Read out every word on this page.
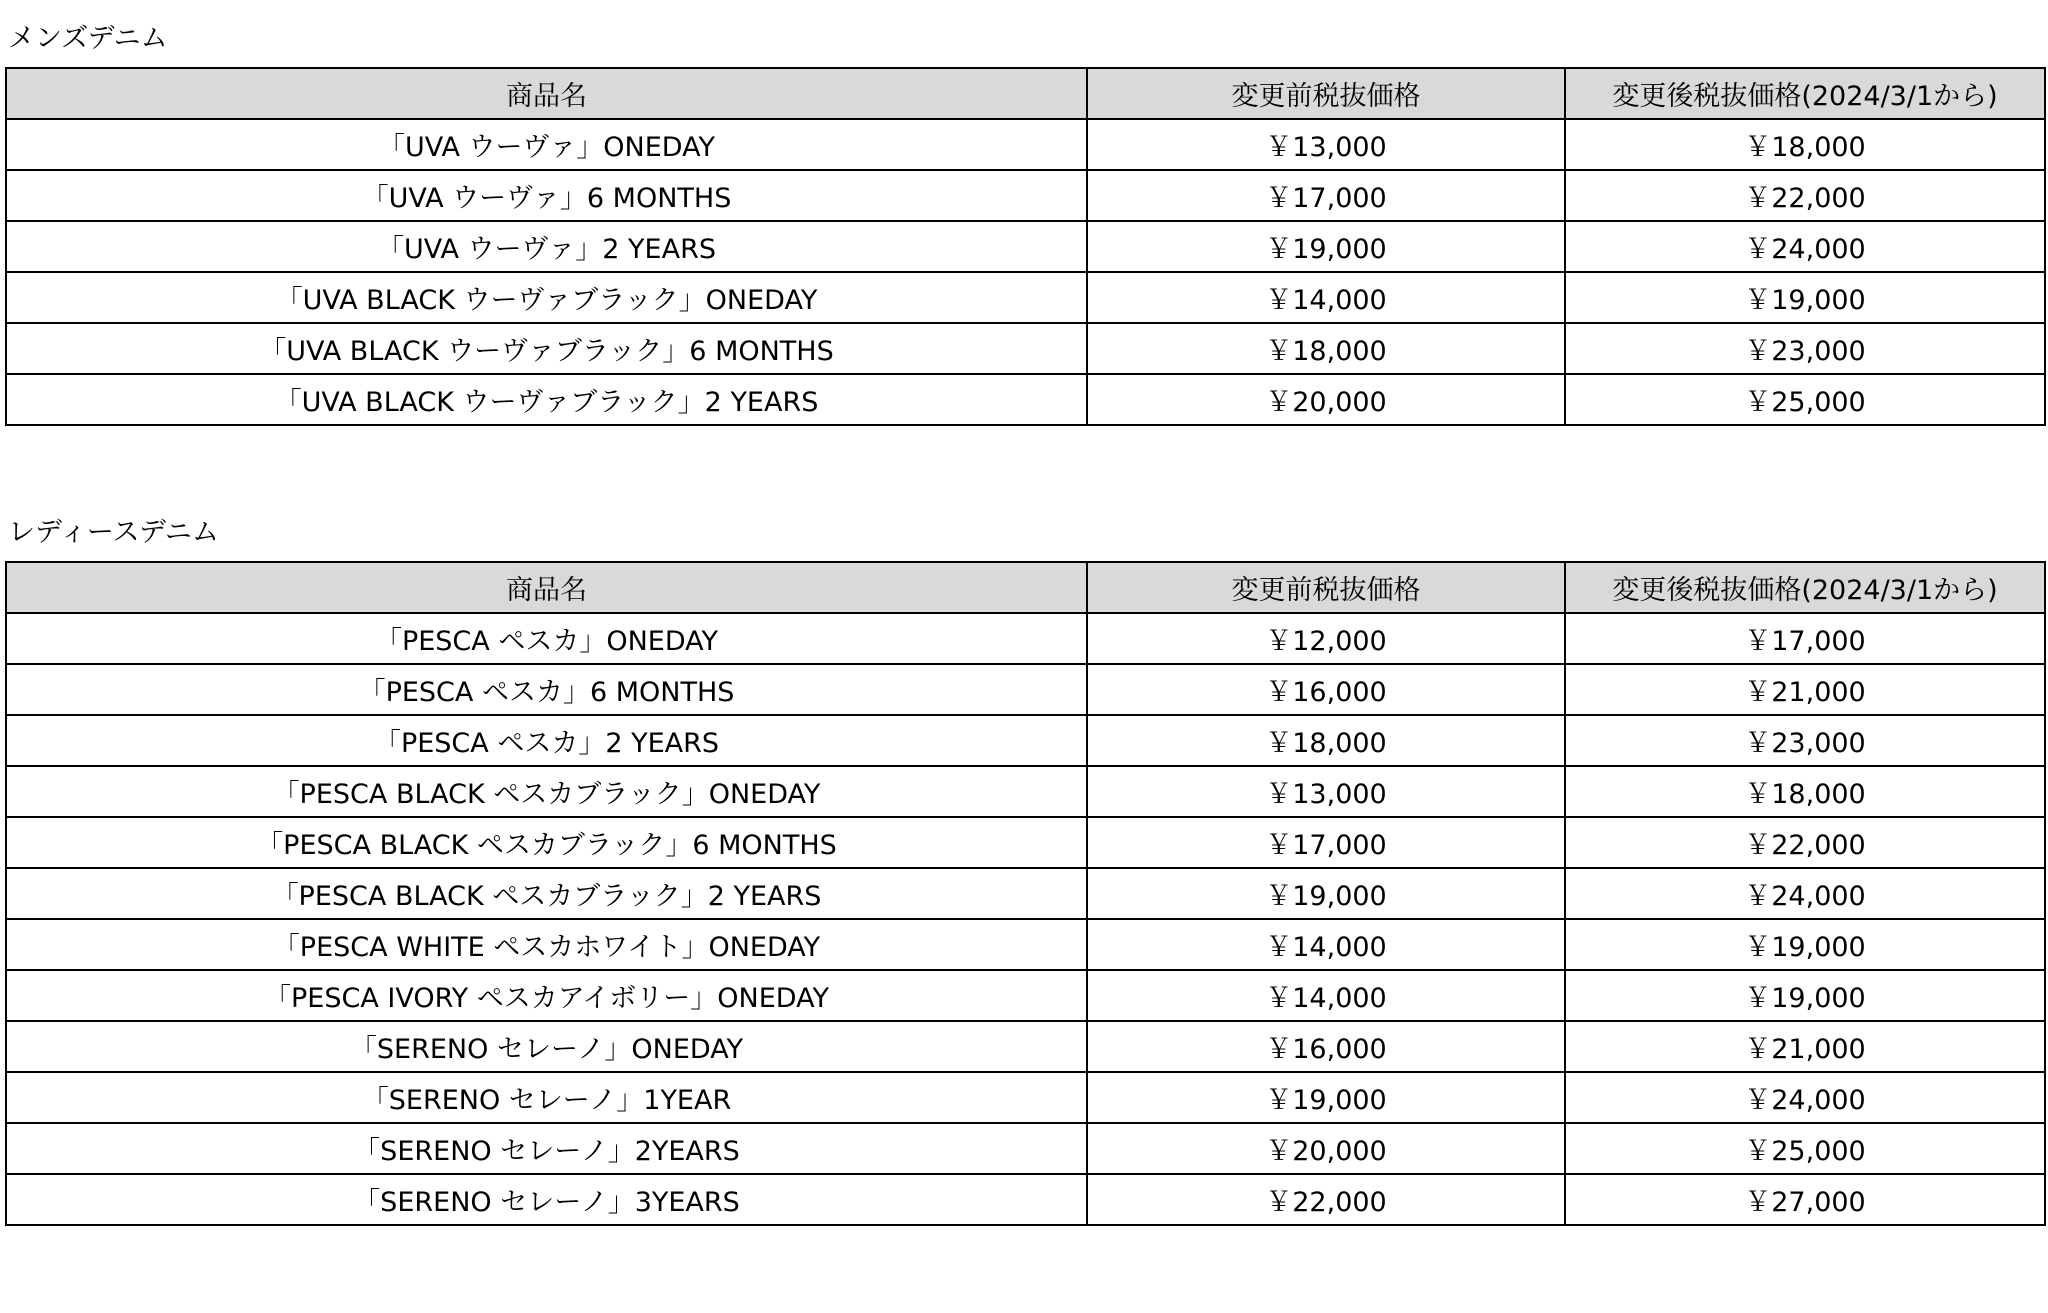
メンズデニム
商品名	変更前税抜価格	変更後税抜価格(2024/3/1から)
「UVA ウーヴァ」ONEDAY	￥13,000	￥18,000
「UVA ウーヴァ」6 MONTHS	￥17,000	￥22,000
「UVA ウーヴァ」2 YEARS	￥19,000	￥24,000
「UVA BLACK ウーヴァブラック」ONEDAY	￥14,000	￥19,000
「UVA BLACK ウーヴァブラック」6 MONTHS	￥18,000	￥23,000
「UVA BLACK ウーヴァブラック」2 YEARS	￥20,000	￥25,000
レディースデニム
商品名	変更前税抜価格	変更後税抜価格(2024/3/1から)
「PESCA ペスカ」ONEDAY	￥12,000	￥17,000
「PESCA ペスカ」6 MONTHS	￥16,000	￥21,000
「PESCA ペスカ」2 YEARS	￥18,000	￥23,000
「PESCA BLACK ペスカブラック」ONEDAY	￥13,000	￥18,000
「PESCA BLACK ペスカブラック」6 MONTHS	￥17,000	￥22,000
「PESCA BLACK ペスカブラック」2 YEARS	￥19,000	￥24,000
「PESCA WHITE ペスカホワイト」ONEDAY	￥14,000	￥19,000
「PESCA IVORY ペスカアイボリー」ONEDAY	￥14,000	￥19,000
「SERENO セレーノ」ONEDAY	￥16,000	￥21,000
「SERENO セレーノ」1YEAR	￥19,000	￥24,000
「SERENO セレーノ」2YEARS	￥20,000	￥25,000
「SERENO セレーノ」3YEARS	￥22,000	￥27,000
